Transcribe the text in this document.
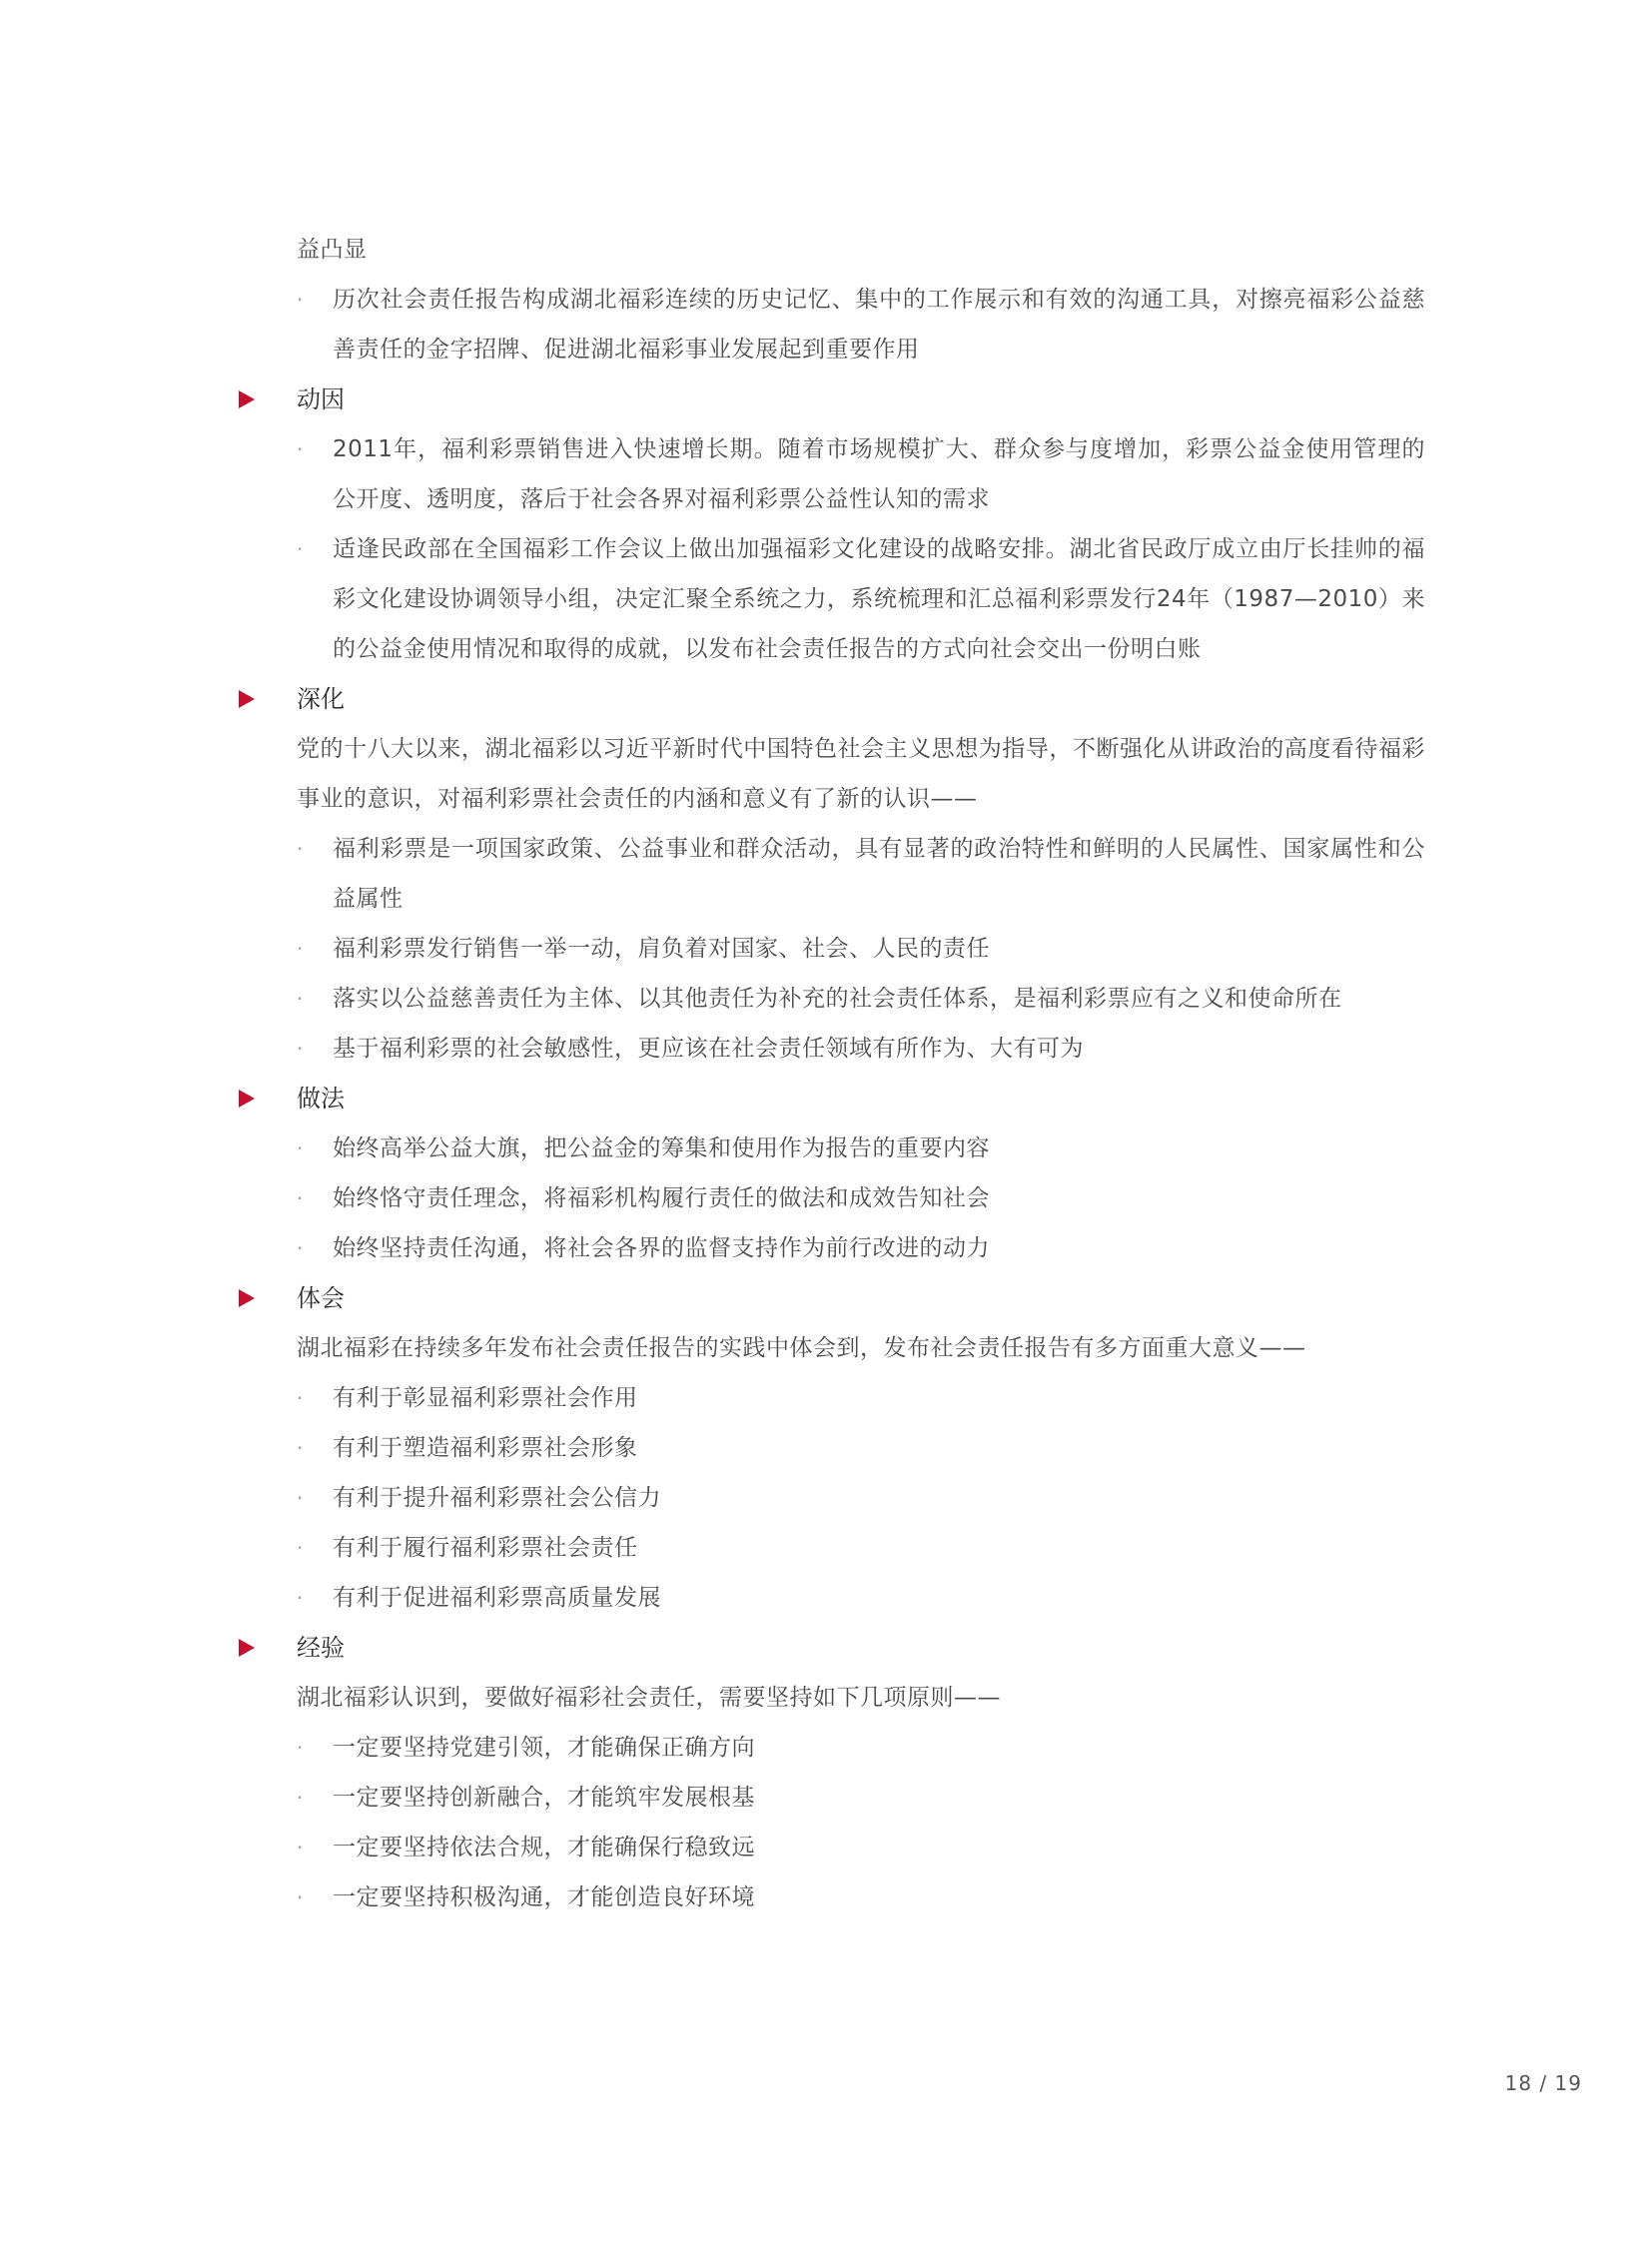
益凸显
· 历次社会责任报告构成湖北福彩连续的历史记忆、集中的工作展示和有效的沟通工具，对擦亮福彩公益慈善责任的金字招牌、促进湖北福彩事业发展起到重要作用
动因
· 2011年，福利彩票销售进入快速增长期。随着市场规模扩大、群众参与度增加，彩票公益金使用管理的公开度、透明度，落后于社会各界对福利彩票公益性认知的需求
· 适逢民政部在全国福彩工作会议上做出加强福彩文化建设的战略安排。湖北省民政厅成立由厅长挂帅的福彩文化建设协调领导小组，决定汇聚全系统之力，系统梳理和汇总福利彩票发行24年（1987—2010）来的公益金使用情况和取得的成就，以发布社会责任报告的方式向社会交出一份明白账
深化
党的十八大以来，湖北福彩以习近平新时代中国特色社会主义思想为指导，不断强化从讲政治的高度看待福彩事业的意识，对福利彩票社会责任的内涵和意义有了新的认识——
· 福利彩票是一项国家政策、公益事业和群众活动，具有显著的政治特性和鲜明的人民属性、国家属性和公益属性
· 福利彩票发行销售一举一动，肩负着对国家、社会、人民的责任
· 落实以公益慈善责任为主体、以其他责任为补充的社会责任体系，是福利彩票应有之义和使命所在
· 基于福利彩票的社会敏感性，更应该在社会责任领域有所作为、大有可为
做法
· 始终高举公益大旗，把公益金的筹集和使用作为报告的重要内容
· 始终恪守责任理念，将福彩机构履行责任的做法和成效告知社会
· 始终坚持责任沟通，将社会各界的监督支持作为前行改进的动力
体会
湖北福彩在持续多年发布社会责任报告的实践中体会到，发布社会责任报告有多方面重大意义——
· 有利于彰显福利彩票社会作用
· 有利于塑造福利彩票社会形象
· 有利于提升福利彩票社会公信力
· 有利于履行福利彩票社会责任
· 有利于促进福利彩票高质量发展
经验
湖北福彩认识到，要做好福彩社会责任，需要坚持如下几项原则——
· 一定要坚持党建引领，才能确保正确方向
· 一定要坚持创新融合，才能筑牢发展根基
· 一定要坚持依法合规，才能确保行稳致远
· 一定要坚持积极沟通，才能创造良好环境
18 / 19
